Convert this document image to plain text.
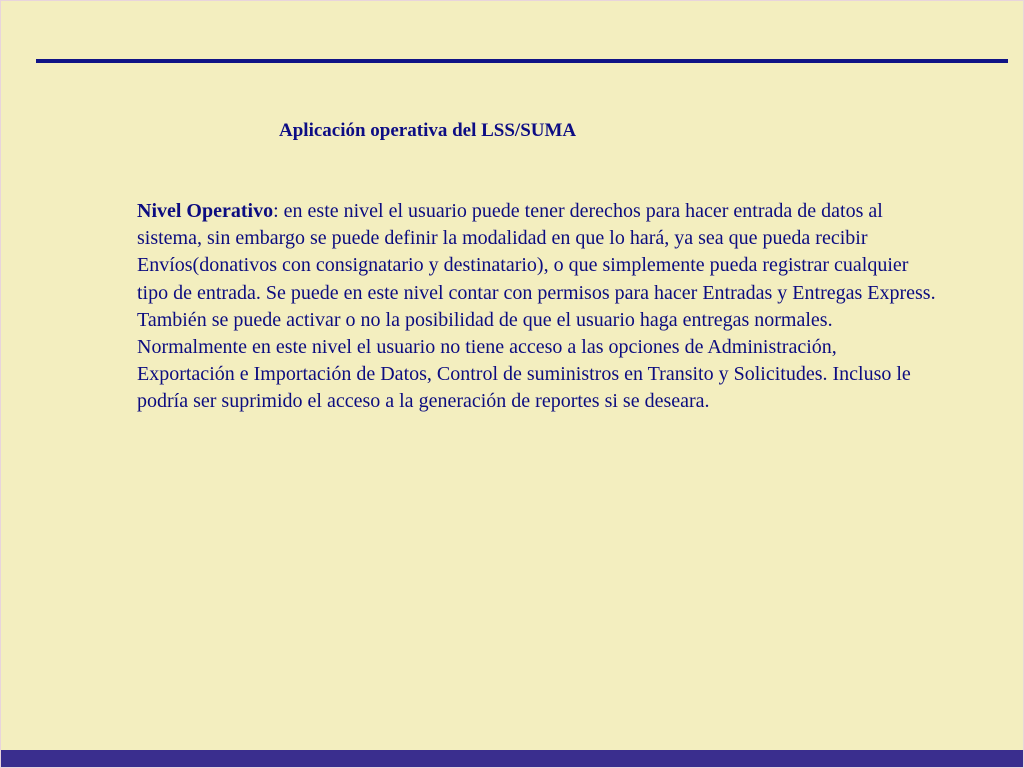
Aplicación operativa del LSS/SUMA

Nivel Operativo: en este nivel el usuario puede tener derechos para hacer entrada de datos al sistema, sin embargo se puede definir la modalidad en que lo hará, ya sea que pueda recibir Envíos(donativos con consignatario y destinatario), o que simplemente pueda registrar cualquier tipo de entrada. Se puede en este nivel contar con permisos para hacer Entradas y Entregas Express. También se puede activar o no la posibilidad de que el usuario haga entregas normales. Normalmente en este nivel el usuario no tiene acceso a las opciones de Administración, Exportación e Importación de Datos, Control de suministros en Transito y Solicitudes. Incluso le podría ser suprimido el acceso a la generación de reportes si se deseara.
